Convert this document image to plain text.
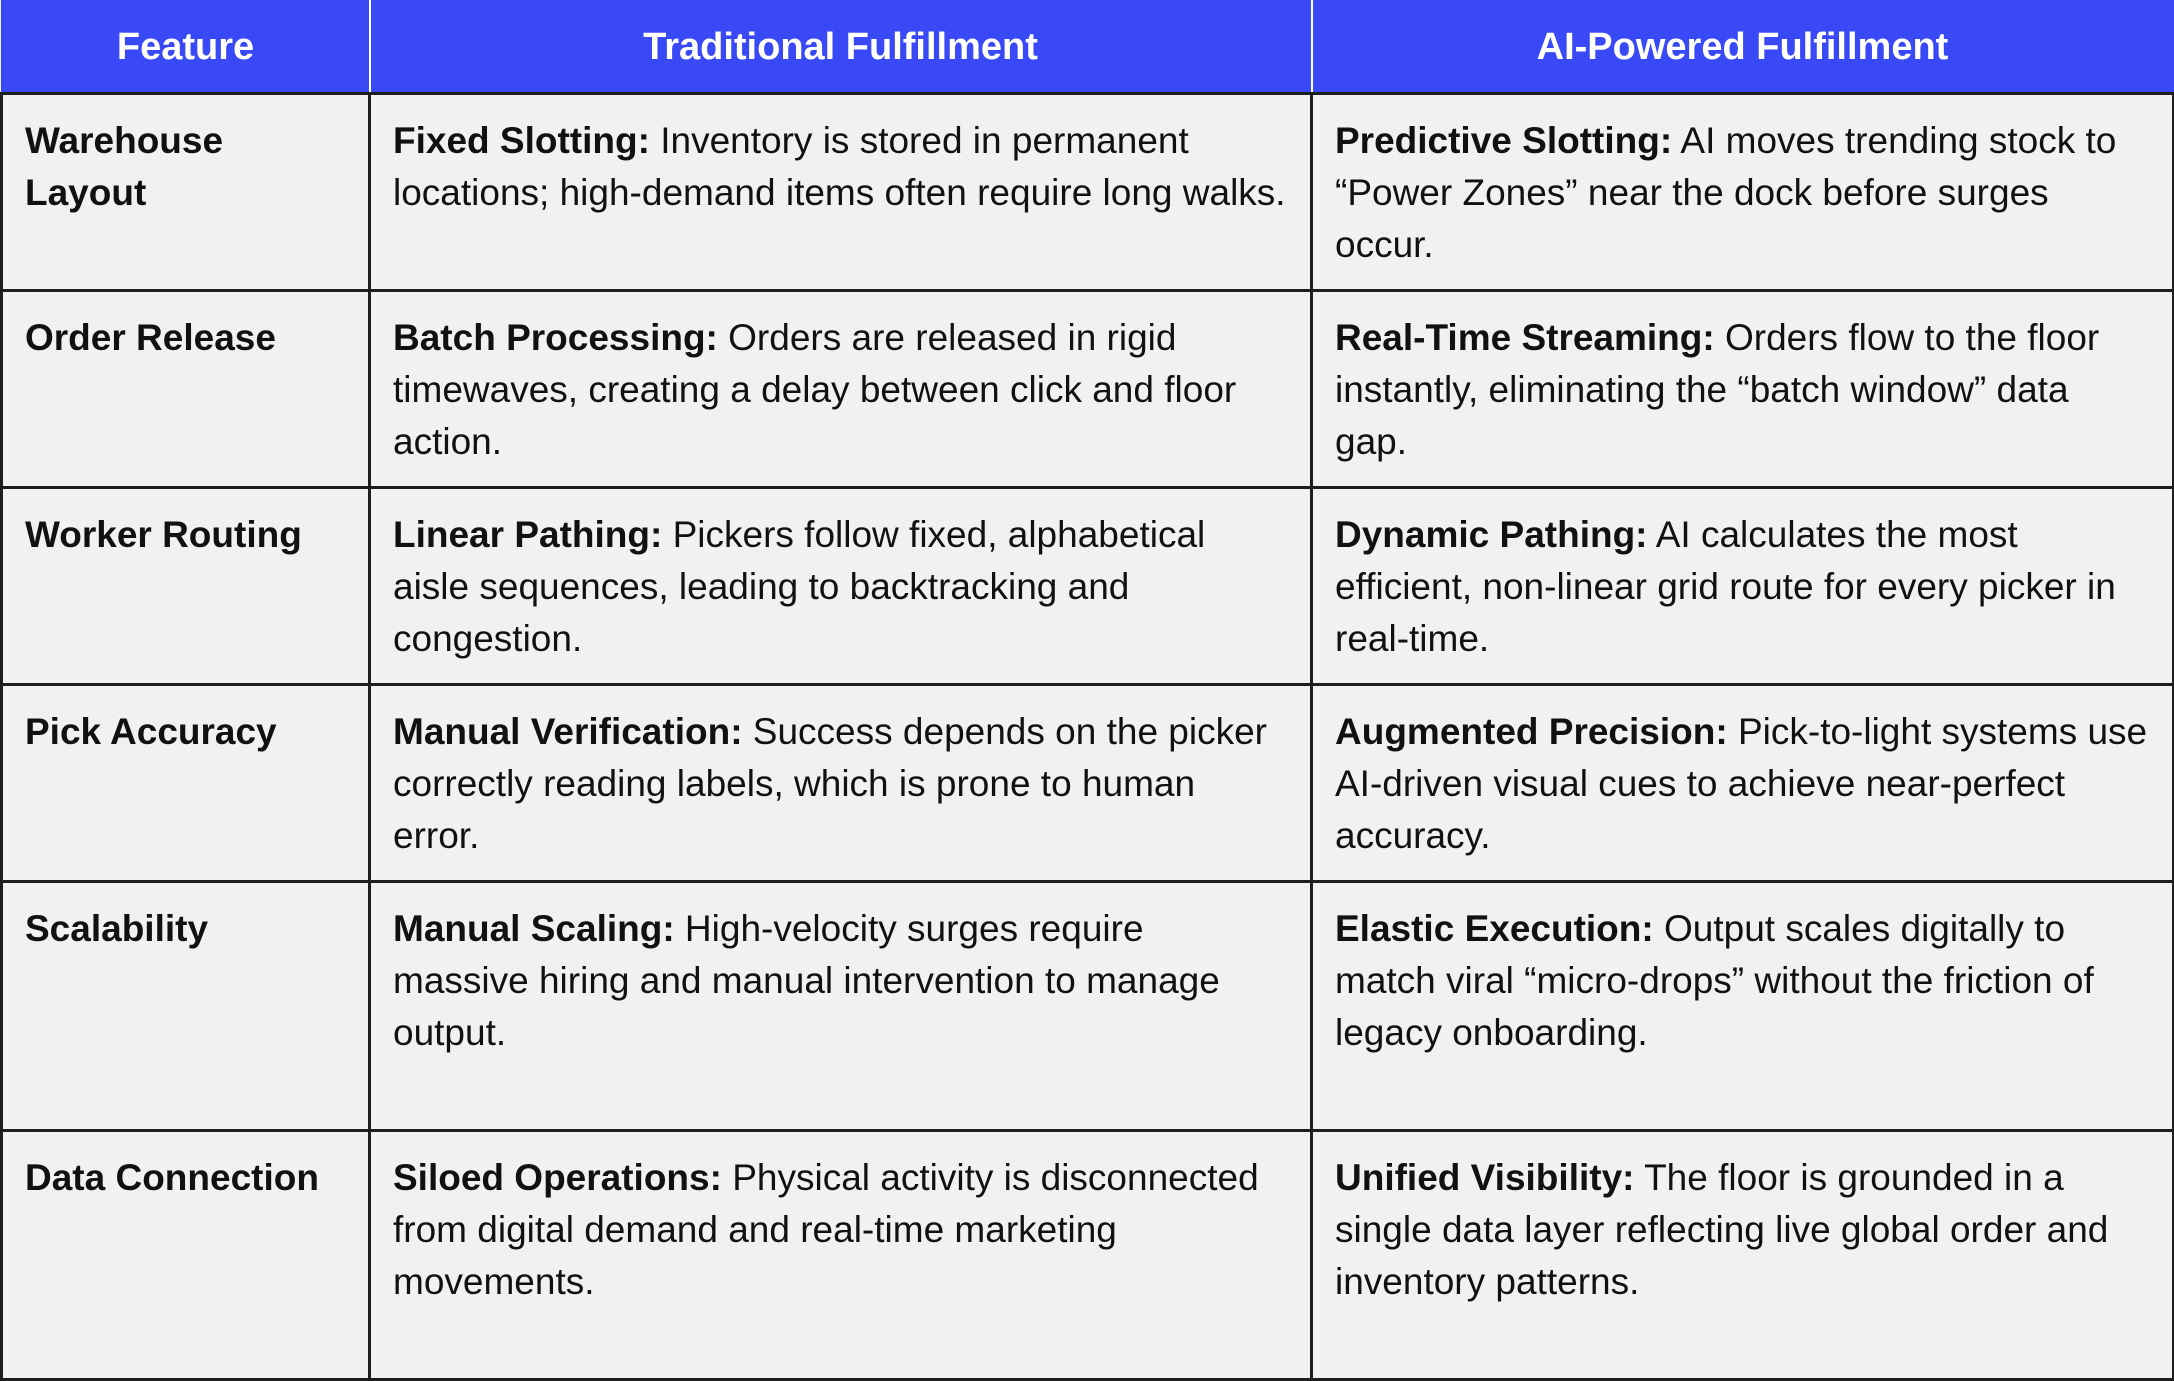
Feature	Traditional Fulfillment	AI-Powered Fulfillment
Warehouse Layout	Fixed Slotting: Inventory is stored in permanent locations; high-demand items often require long walks.	Predictive Slotting: AI moves trending stock to “Power Zones” near the dock before surges occur.
Order Release	Batch Processing: Orders are released in rigid timewaves, creating a delay between click and floor action.	Real-Time Streaming: Orders flow to the floor instantly, eliminating the “batch window” data gap.
Worker Routing	Linear Pathing: Pickers follow fixed, alphabetical aisle sequences, leading to backtracking and congestion.	Dynamic Pathing: AI calculates the most efficient, non-linear grid route for every picker in real-time.
Pick Accuracy	Manual Verification: Success depends on the picker correctly reading labels, which is prone to human error.	Augmented Precision: Pick-to-light systems use AI-driven visual cues to achieve near-perfect accuracy.
Scalability	Manual Scaling: High-velocity surges require massive hiring and manual intervention to manage output.	Elastic Execution: Output scales digitally to match viral “micro-drops” without the friction of legacy onboarding.
Data Connection	Siloed Operations: Physical activity is disconnected from digital demand and real-time marketing movements.	Unified Visibility: The floor is grounded in a single data layer reflecting live global order and inventory patterns.
